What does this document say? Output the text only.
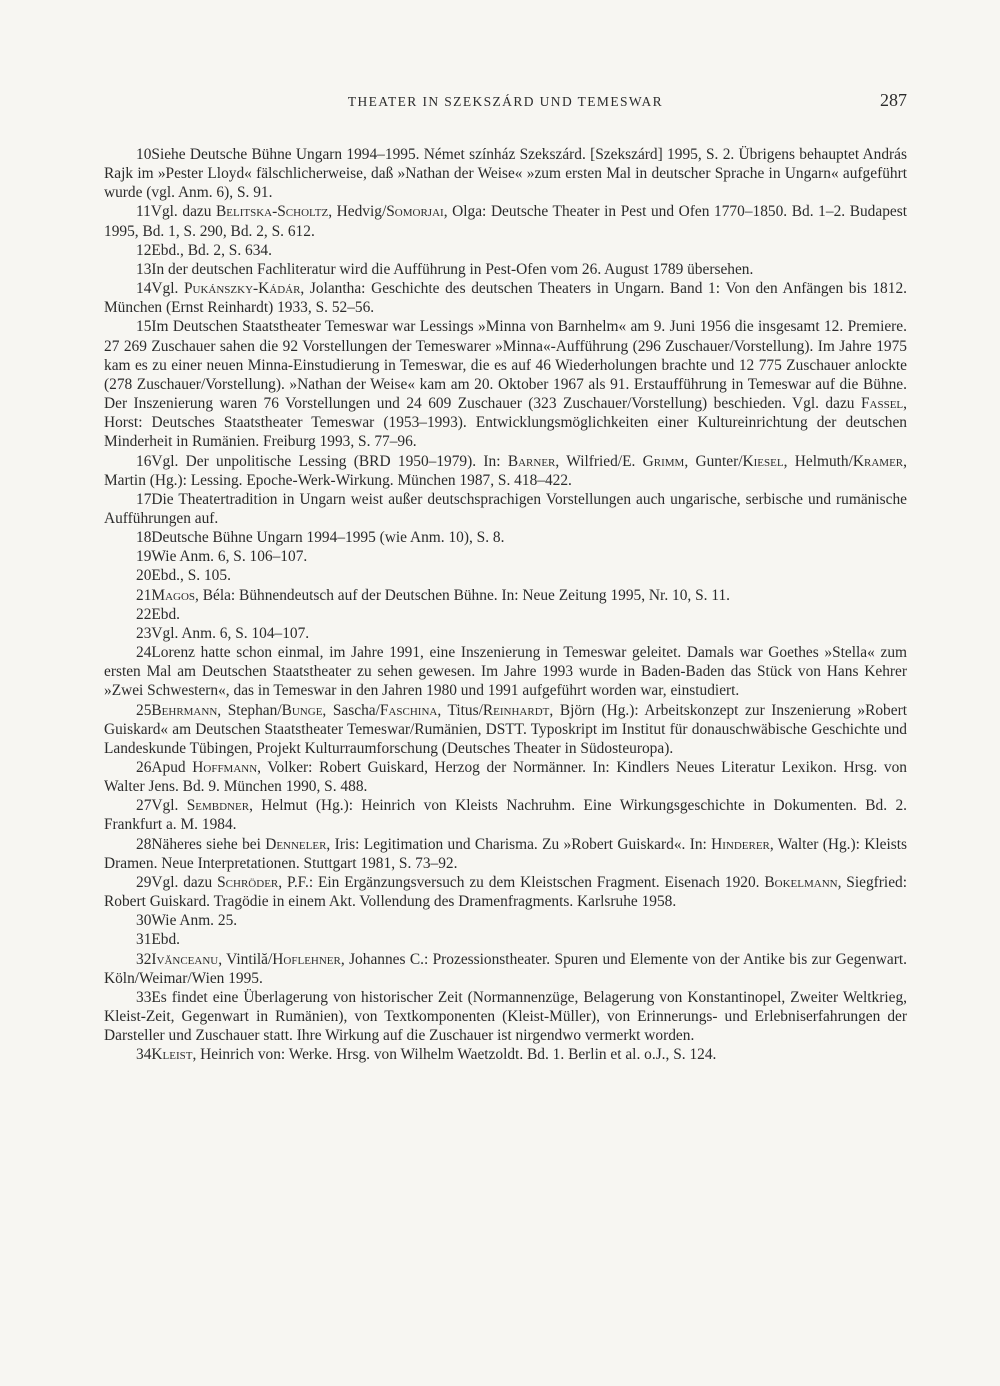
THEATER IN SZEKSZÁRD UND TEMESWAR	287

10Siehe Deutsche Bühne Ungarn 1994–1995. Német színház Szekszárd. [Szekszárd] 1995, S. 2. Übrigens behauptet András Rajk im »Pester Lloyd« fälschlicherweise, daß »Nathan der Weise« »zum ersten Mal in deutscher Sprache in Ungarn« aufgeführt wurde (vgl. Anm. 6), S. 91.

11Vgl. dazu Belitska-Scholtz, Hedvig/Somorjai, Olga: Deutsche Theater in Pest und Ofen 1770–1850. Bd. 1–2. Budapest 1995, Bd. 1, S. 290, Bd. 2, S. 612.

12Ebd., Bd. 2, S. 634.

13In der deutschen Fachliteratur wird die Aufführung in Pest-Ofen vom 26. August 1789 übersehen.

14Vgl. Pukánszky-Kádár, Jolantha: Geschichte des deutschen Theaters in Ungarn. Band 1: Von den Anfängen bis 1812. München (Ernst Reinhardt) 1933, S. 52–56.

15Im Deutschen Staatstheater Temeswar war Lessings »Minna von Barnhelm« am 9. Juni 1956 die insgesamt 12. Premiere. 27 269 Zuschauer sahen die 92 Vorstellungen der Temeswarer »Minna«-Aufführung (296 Zuschauer/Vorstellung). Im Jahre 1975 kam es zu einer neuen Minna-Einstudierung in Temeswar, die es auf 46 Wiederholungen brachte und 12 775 Zuschauer anlockte (278 Zuschauer/Vorstellung). »Nathan der Weise« kam am 20. Oktober 1967 als 91. Erstaufführung in Temeswar auf die Bühne. Der Inszenierung waren 76 Vorstellungen und 24 609 Zuschauer (323 Zuschauer/Vorstellung) beschieden. Vgl. dazu Fassel, Horst: Deutsches Staatstheater Temeswar (1953–1993). Entwicklungsmöglichkeiten einer Kultureinrichtung der deutschen Minderheit in Rumänien. Freiburg 1993, S. 77–96.

16Vgl. Der unpolitische Lessing (BRD 1950–1979). In: Barner, Wilfried/E. Grimm, Gunter/Kiesel, Helmuth/Kramer, Martin (Hg.): Lessing. Epoche-Werk-Wirkung. München 1987, S. 418–422.

17Die Theatertradition in Ungarn weist außer deutschsprachigen Vorstellungen auch ungarische, serbische und rumänische Aufführungen auf.

18Deutsche Bühne Ungarn 1994–1995 (wie Anm. 10), S. 8.

19Wie Anm. 6, S. 106–107.

20Ebd., S. 105.

21Magos, Béla: Bühnendeutsch auf der Deutschen Bühne. In: Neue Zeitung 1995, Nr. 10, S. 11.

22Ebd.

23Vgl. Anm. 6, S. 104–107.

24Lorenz hatte schon einmal, im Jahre 1991, eine Inszenierung in Temeswar geleitet. Damals war Goethes »Stella« zum ersten Mal am Deutschen Staatstheater zu sehen gewesen. Im Jahre 1993 wurde in Baden-Baden das Stück von Hans Kehrer »Zwei Schwestern«, das in Temeswar in den Jahren 1980 und 1991 aufgeführt worden war, einstudiert.

25Behrmann, Stephan/Bunge, Sascha/Faschina, Titus/Reinhardt, Björn (Hg.): Arbeitskonzept zur Inszenierung »Robert Guiskard« am Deutschen Staatstheater Temeswar/Rumänien, DSTT. Typoskript im Institut für donauschwäbische Geschichte und Landeskunde Tübingen, Projekt Kulturraumforschung (Deutsches Theater in Südosteuropa).

26Apud Hoffmann, Volker: Robert Guiskard, Herzog der Normänner. In: Kindlers Neues Literatur Lexikon. Hrsg. von Walter Jens. Bd. 9. München 1990, S. 488.

27Vgl. Sembdner, Helmut (Hg.): Heinrich von Kleists Nachruhm. Eine Wirkungsgeschichte in Dokumenten. Bd. 2. Frankfurt a. M. 1984.

28Näheres siehe bei Denneler, Iris: Legitimation und Charisma. Zu »Robert Guiskard«. In: Hinderer, Walter (Hg.): Kleists Dramen. Neue Interpretationen. Stuttgart 1981, S. 73–92.

29Vgl. dazu Schröder, P.F.: Ein Ergänzungsversuch zu dem Kleistschen Fragment. Eisenach 1920. Bokelmann, Siegfried: Robert Guiskard. Tragödie in einem Akt. Vollendung des Dramenfragments. Karlsruhe 1958.

30Wie Anm. 25.

31Ebd.

32Ivănceanu, Vintilă/Hoflehner, Johannes C.: Prozessionstheater. Spuren und Elemente von der Antike bis zur Gegenwart. Köln/Weimar/Wien 1995.

33Es findet eine Überlagerung von historischer Zeit (Normannenzüge, Belagerung von Konstantinopel, Zweiter Weltkrieg, Kleist-Zeit, Gegenwart in Rumänien), von Textkomponenten (Kleist-Müller), von Erinnerungs- und Erlebniserfahrungen der Darsteller und Zuschauer statt. Ihre Wirkung auf die Zuschauer ist nirgendwo vermerkt worden.

34Kleist, Heinrich von: Werke. Hrsg. von Wilhelm Waetzoldt. Bd. 1. Berlin et al. o.J., S. 124.
